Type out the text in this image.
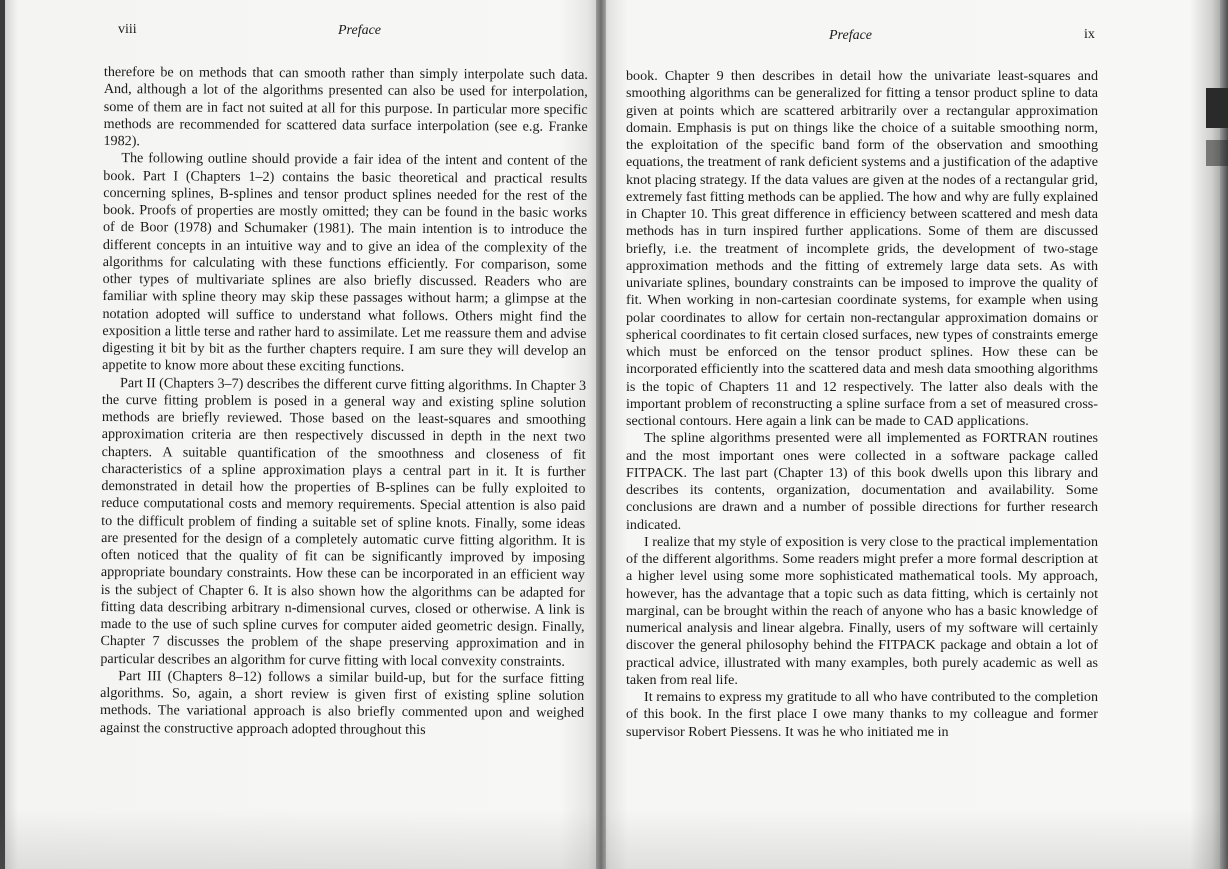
viii	Preface

therefore be on methods that can smooth rather than simply interpolate such data. And, although a lot of the algorithms presented can also be used for interpolation, some of them are in fact not suited at all for this purpose. In particular more specific methods are recommended for scattered data surface interpolation (see e.g. Franke 1982).

The following outline should provide a fair idea of the intent and content of the book. Part I (Chapters 1–2) contains the basic theoretical and practical results concerning splines, B-splines and tensor product splines needed for the rest of the book. Proofs of properties are mostly omitted; they can be found in the basic works of de Boor (1978) and Schumaker (1981). The main intention is to introduce the different concepts in an intuitive way and to give an idea of the complexity of the algorithms for calculating with these functions efficiently. For comparison, some other types of multivariate splines are also briefly discussed. Readers who are familiar with spline theory may skip these passages without harm; a glimpse at the notation adopted will suffice to understand what follows. Others might find the exposition a little terse and rather hard to assimilate. Let me reassure them and advise digesting it bit by bit as the further chapters require. I am sure they will develop an appetite to know more about these exciting functions.

Part II (Chapters 3–7) describes the different curve fitting algorithms. In Chapter 3 the curve fitting problem is posed in a general way and existing spline solution methods are briefly reviewed. Those based on the least-squares and smoothing approximation criteria are then respectively discussed in depth in the next two chapters. A suitable quantification of the smoothness and closeness of fit characteristics of a spline approximation plays a central part in it. It is further demonstrated in detail how the properties of B-splines can be fully exploited to reduce computational costs and memory requirements. Special attention is also paid to the difficult problem of finding a suitable set of spline knots. Finally, some ideas are presented for the design of a completely automatic curve fitting algorithm. It is often noticed that the quality of fit can be significantly improved by imposing appropriate boundary constraints. How these can be incorporated in an efficient way is the subject of Chapter 6. It is also shown how the algorithms can be adapted for fitting data describing arbitrary n-dimensional curves, closed or otherwise. A link is made to the use of such spline curves for computer aided geometric design. Finally, Chapter 7 discusses the problem of the shape preserving approximation and in particular describes an algorithm for curve fitting with local convexity constraints.

Part III (Chapters 8–12) follows a similar build-up, but for the surface fitting algorithms. So, again, a short review is given first of existing spline solution methods. The variational approach is also briefly commented upon and weighed against the constructive approach adopted throughout this

Preface	ix

book. Chapter 9 then describes in detail how the univariate least-squares and smoothing algorithms can be generalized for fitting a tensor product spline to data given at points which are scattered arbitrarily over a rectangular approximation domain. Emphasis is put on things like the choice of a suitable smoothing norm, the exploitation of the specific band form of the observation and smoothing equations, the treatment of rank deficient systems and a justification of the adaptive knot placing strategy. If the data values are given at the nodes of a rectangular grid, extremely fast fitting methods can be applied. The how and why are fully explained in Chapter 10. This great difference in efficiency between scattered and mesh data methods has in turn inspired further applications. Some of them are discussed briefly, i.e. the treatment of incomplete grids, the development of two-stage approximation methods and the fitting of extremely large data sets. As with univariate splines, boundary constraints can be imposed to improve the quality of fit. When working in non-cartesian coordinate systems, for example when using polar coordinates to allow for certain non-rectangular approximation domains or spherical coordinates to fit certain closed surfaces, new types of constraints emerge which must be enforced on the tensor product splines. How these can be incorporated efficiently into the scattered data and mesh data smoothing algorithms is the topic of Chapters 11 and 12 respectively. The latter also deals with the important problem of reconstructing a spline surface from a set of measured cross-sectional contours. Here again a link can be made to CAD applications.

The spline algorithms presented were all implemented as FORTRAN routines and the most important ones were collected in a software package called FITPACK. The last part (Chapter 13) of this book dwells upon this library and describes its contents, organization, documentation and availability. Some conclusions are drawn and a number of possible directions for further research indicated.

I realize that my style of exposition is very close to the practical implementation of the different algorithms. Some readers might prefer a more formal description at a higher level using some more sophisticated mathematical tools. My approach, however, has the advantage that a topic such as data fitting, which is certainly not marginal, can be brought within the reach of anyone who has a basic knowledge of numerical analysis and linear algebra. Finally, users of my software will certainly discover the general philosophy behind the FITPACK package and obtain a lot of practical advice, illustrated with many examples, both purely academic as well as taken from real life.

It remains to express my gratitude to all who have contributed to the completion of this book. In the first place I owe many thanks to my colleague and former supervisor Robert Piessens. It was he who initiated me in
